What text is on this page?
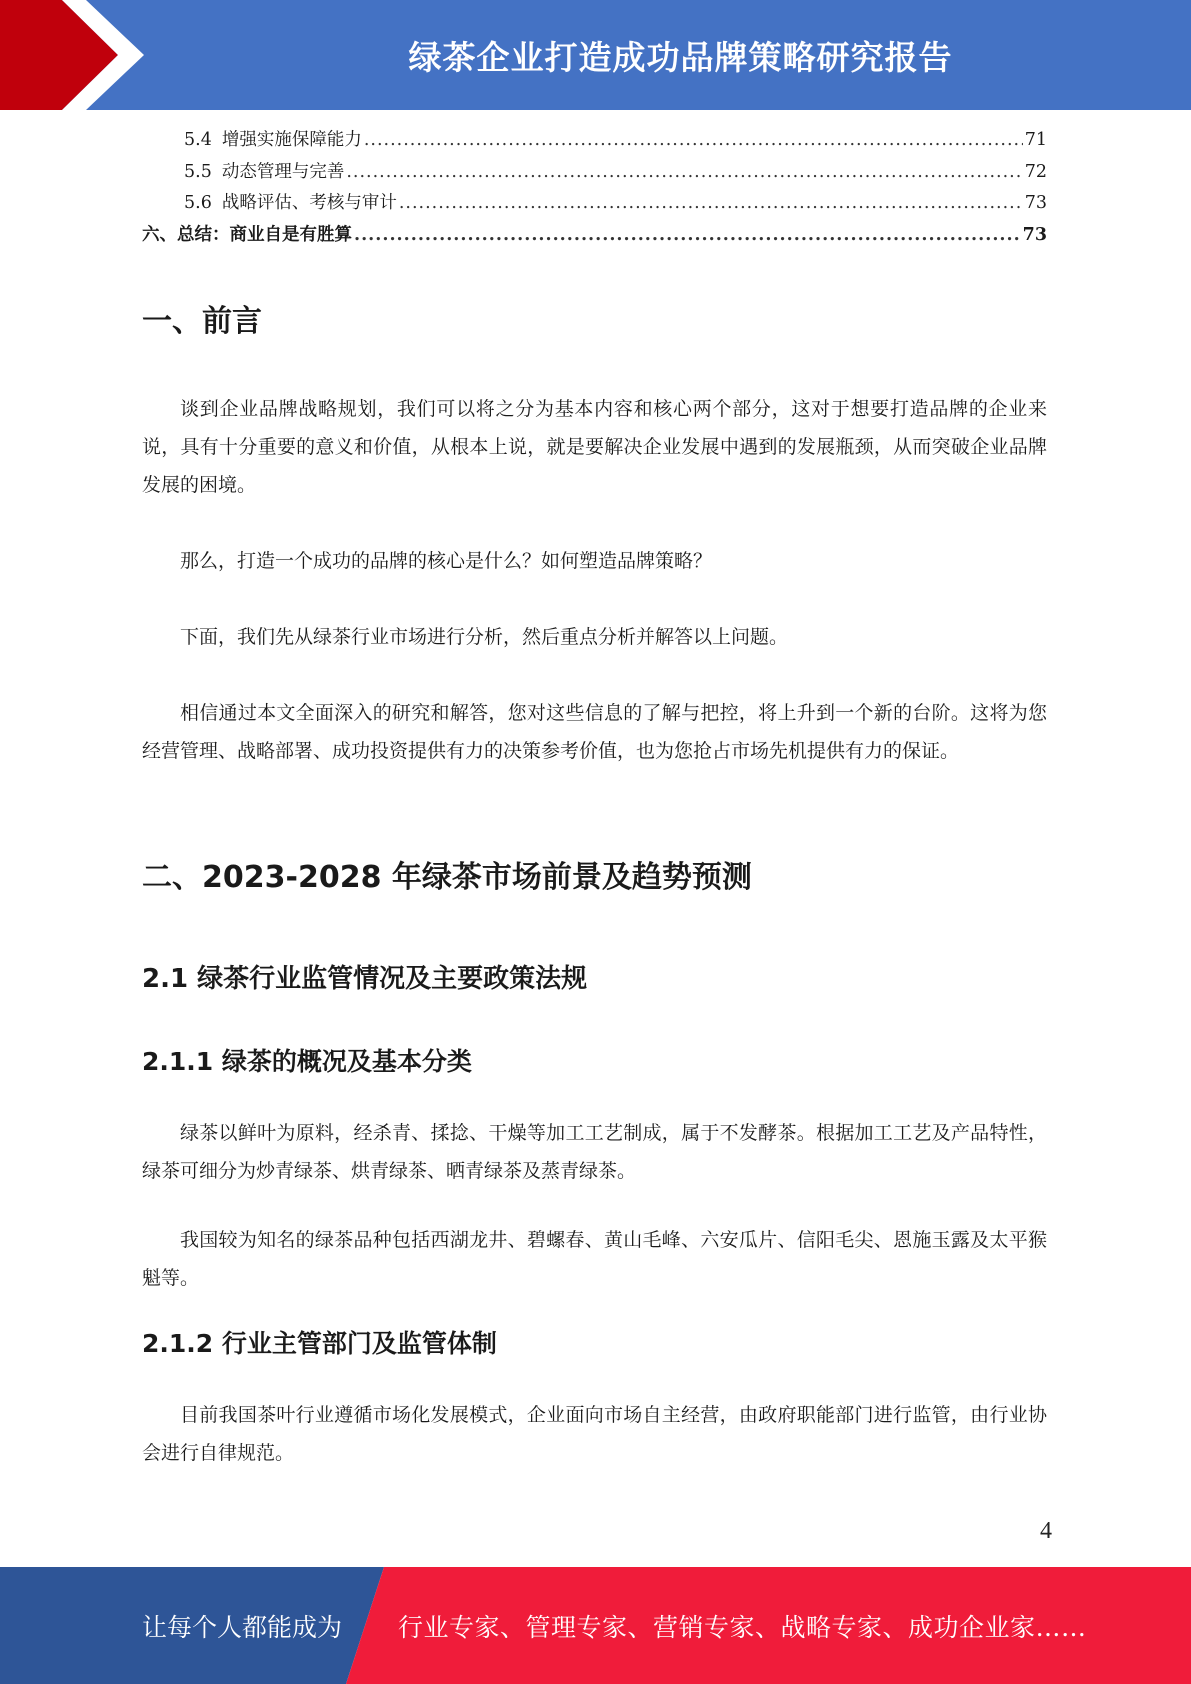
绿茶企业打造成功品牌策略研究报告
5.4 增强实施保障能力 .....	71
5.5 动态管理与完善 .....	72
5.6 战略评估、考核与审计 .....	73
六、总结：商业自是有胜算 .....	73
一、前言

谈到企业品牌战略规划，我们可以将之分为基本内容和核心两个部分，这对于想要打造品牌的企业来说，具有十分重要的意义和价值，从根本上说，就是要解决企业发展中遇到的发展瓶颈，从而突破企业品牌发展的困境。

那么，打造一个成功的品牌的核心是什么？如何塑造品牌策略？

下面，我们先从绿茶行业市场进行分析，然后重点分析并解答以上问题。

相信通过本文全面深入的研究和解答，您对这些信息的了解与把控，将上升到一个新的台阶。这将为您经营管理、战略部署、成功投资提供有力的决策参考价值，也为您抢占市场先机提供有力的保证。

二、2023-2028 年绿茶市场前景及趋势预测
2.1 绿茶行业监管情况及主要政策法规
2.1.1 绿茶的概况及基本分类

绿茶以鲜叶为原料，经杀青、揉捻、干燥等加工工艺制成，属于不发酵茶。根据加工工艺及产品特性，绿茶可细分为炒青绿茶、烘青绿茶、晒青绿茶及蒸青绿茶。

我国较为知名的绿茶品种包括西湖龙井、碧螺春、黄山毛峰、六安瓜片、信阳毛尖、恩施玉露及太平猴魁等。

2.1.2 行业主管部门及监管体制

目前我国茶叶行业遵循市场化发展模式，企业面向市场自主经营，由政府职能部门进行监管，由行业协会进行自律规范。

4
让每个人都能成为 行业专家、管理专家、营销专家、战略专家、成功企业家……
